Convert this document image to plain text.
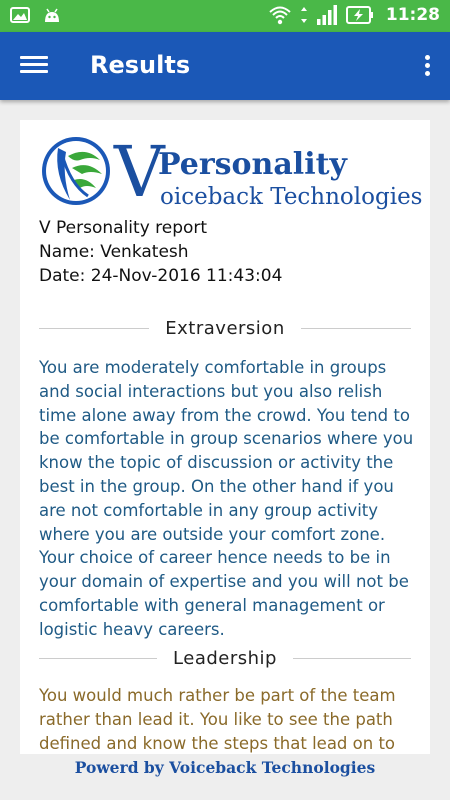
11:28
Results
V
Personality
oiceback Technologies
V Personality report
Name: Venkatesh
Date: 24-Nov-2016 11:43:04
Extraversion
You are moderately comfortable in groups and social interactions but you also relish time alone away from the crowd. You tend to be comfortable in group scenarios where you know the topic of discussion or activity the best in the group. On the other hand if you are not comfortable in any group activity where you are outside your comfort zone. Your choice of career hence needs to be in your domain of expertise and you will not be comfortable with general management or logistic heavy careers.
Leadership
You would much rather be part of the team rather than lead it. You like to see the path defined and know the steps that lead on to
Powerd by Voiceback Technologies
